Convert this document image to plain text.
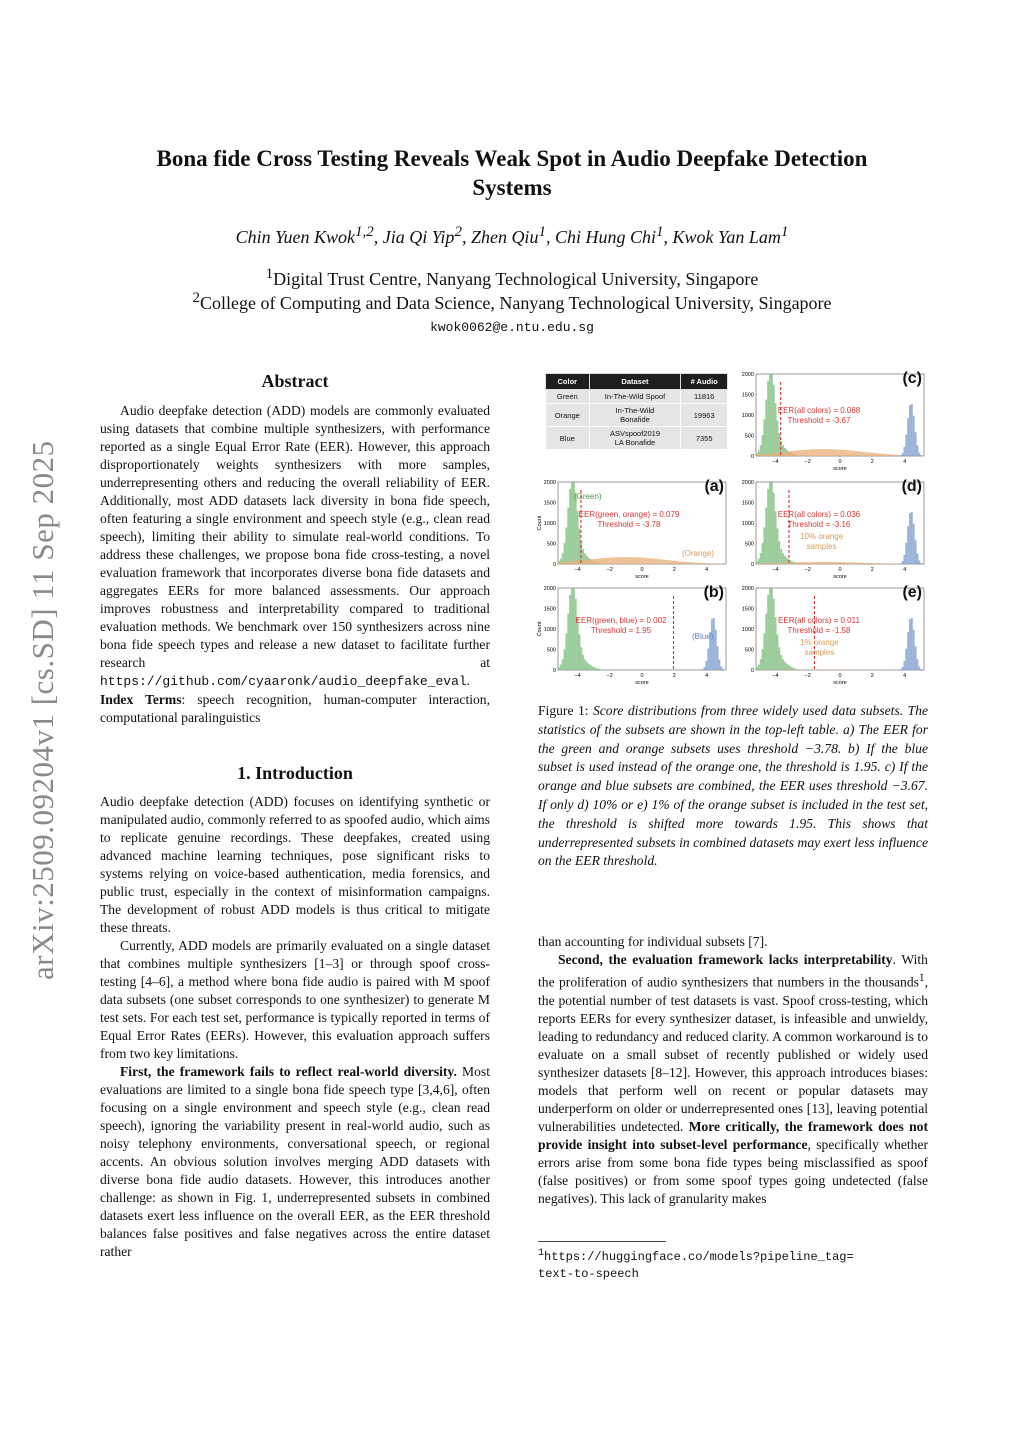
arXiv:2509.09204v1 [cs.SD] 11 Sep 2025
Bona fide Cross Testing Reveals Weak Spot in Audio Deepfake Detection
Systems
Chin Yuen Kwok$^{1,2}$, Jia Qi Yip$^2$, Zhen Qiu$^1$, Chi Hung Chi$^1$, Kwok Yan Lam$^1$
$^1$Digital Trust Centre, Nanyang Technological University, Singapore
$^2$College of Computing and Data Science, Nanyang Technological University, Singapore
kwok0062@e.ntu.edu.sg
Abstract

Audio deepfake detection (ADD) models are commonly evaluated using datasets that combine multiple synthesizers, with performance reported as a single Equal Error Rate (EER). However, this approach disproportionately weights synthesizers with more samples, underrepresenting others and reducing the overall reliability of EER. Additionally, most ADD datasets lack diversity in bona fide speech, often featuring a single environment and speech style (e.g., clean read speech), limiting their ability to simulate real-world conditions. To address these challenges, we propose bona fide cross-testing, a novel evaluation framework that incorporates diverse bona fide datasets and aggregates EERs for more balanced assessments. Our approach improves robustness and interpretability compared to traditional evaluation methods. We benchmark over 150 synthesizers across nine bona fide speech types and release a new dataset to facilitate further research at https://github.com/cyaaronk/audio_deepfake_eval.

Index Terms: speech recognition, human-computer interaction, computational paralinguistics

1. Introduction

Audio deepfake detection (ADD) focuses on identifying synthetic or manipulated audio, commonly referred to as spoofed audio, which aims to replicate genuine recordings. These deepfakes, created using advanced machine learning techniques, pose significant risks to systems relying on voice-based authentication, media forensics, and public trust, especially in the context of misinformation campaigns. The development of robust ADD models is thus critical to mitigate these threats.

Currently, ADD models are primarily evaluated on a single dataset that combines multiple synthesizers [1–3] or through spoof cross-testing [4–6], a method where bona fide audio is paired with M spoof data subsets (one subset corresponds to one synthesizer) to generate M test sets. For each test set, performance is typically reported in terms of Equal Error Rates (EERs). However, this evaluation approach suffers from two key limitations.

First, the framework fails to reflect real-world diversity. Most evaluations are limited to a single bona fide speech type [3,4,6], often focusing on a single environment and speech style (e.g., clean read speech), ignoring the variability present in real-world audio, such as noisy telephony environments, conversational speech, or regional accents. An obvious solution involves merging ADD datasets with diverse bona fide audio datasets. However, this introduces another challenge: as shown in Fig. 1, underrepresented subsets in combined datasets exert less influence on the overall EER, as the EER threshold balances false positives and false negatives across the entire dataset rather

Color	Dataset	# Audio
Green	In-The-Wild Spoof	11816
Orange	In-The-Wild
Bonafide	19963
Blue	ASVspoof2019
LA Bonafide	7355
−4	−2	0	2	4
0
500
1000
1500
2000
score
(c)
EER(all colors) = 0.068
Threshold = -3.67
−4	−2	0	2	4
0
500
1000
1500
2000
score
Count
(a)
EER(green, orange) = 0.079
Threshold = -3.78
(Green)
(Orange)
−4	−2	0	2	4
0
500
1000
1500
2000
score
(d)
EER(all colors) = 0.036
Threshold = -3.16
10% orange
samples
−4	−2	0	2	4
0
500
1000
1500
2000
score
Count
(b)
EER(green, blue) = 0.002
Threshold = 1.95
(Blue)
−4	−2	0	2	4
0
500
1000
1500
2000
score
(e)
EER(all colors) = 0.011
Threshold = -1.58
1% orange
samples
Figure 1: Score distributions from three widely used data subsets. The statistics of the subsets are shown in the top-left table. a) The EER for the green and orange subsets uses threshold −3.78. b) If the blue subset is used instead of the orange one, the threshold is 1.95. c) If the orange and blue subsets are combined, the EER uses threshold −3.67. If only d) 10% or e) 1% of the orange subset is included in the test set, the threshold is shifted more towards 1.95. This shows that underrepresented subsets in combined datasets may exert less influence on the EER threshold.

than accounting for individual subsets [7].

Second, the evaluation framework lacks interpretability. With the proliferation of audio synthesizers that numbers in the thousands$^1$, the potential number of test datasets is vast. Spoof cross-testing, which reports EERs for every synthesizer dataset, is infeasible and unwieldy, leading to redundancy and reduced clarity. A common workaround is to evaluate on a small subset of recently published or widely used synthesizer datasets [8–12]. However, this approach introduces biases: models that perform well on recent or popular datasets may underperform on older or underrepresented ones [13], leaving potential vulnerabilities undetected. More critically, the framework does not provide insight into subset-level performance, specifically whether errors arise from some bona fide types being misclassified as spoof (false positives) or from some spoof types going undetected (false negatives). This lack of granularity makes

$^1$https://huggingface.co/models?pipeline_tag=
text-to-speech
